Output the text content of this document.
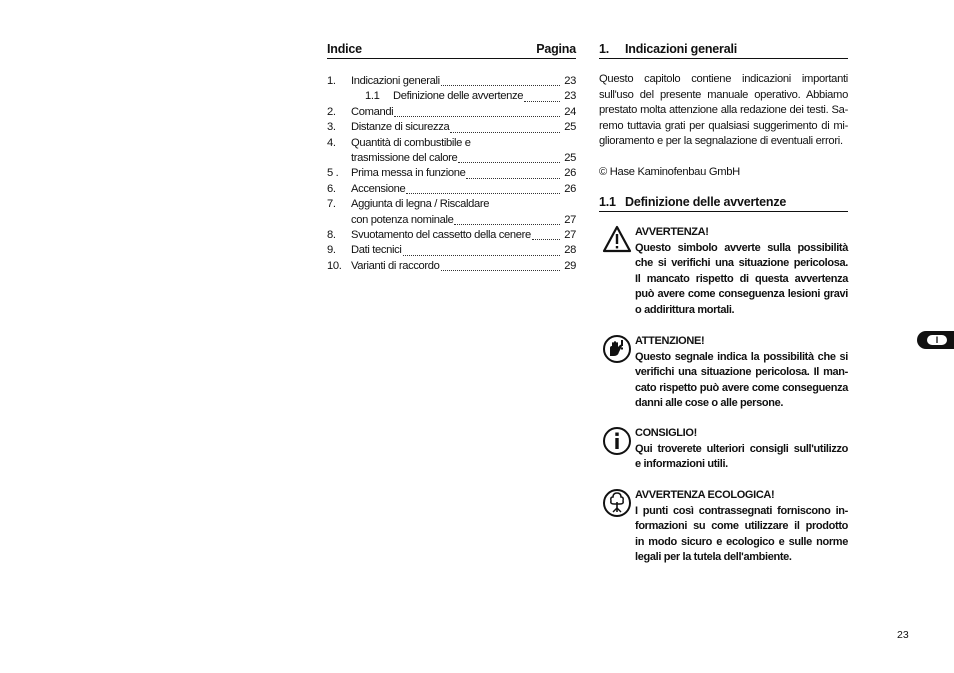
Indice	Pagina
1.	Indicazioni generali	23
1.1	Definizione delle avvertenze	23
2.	Comandi	24
3.	Distanze di sicurezza	25
4.	Quantità di combustibile e
trasmissione del calore	25
5 .	Prima messa in funzione	26
6.	Accensione	26
7.	Aggiunta di legna / Riscaldare
con potenza nominale	27
8.	Svuotamento del cassetto della cenere	27
9.	Dati tecnici	28
10. Varianti di raccordo	29
1.	Indicazioni generali

Questo capitolo contiene indicazioni importanti
sull'uso del presente manuale operativo. Abbiamo
prestato molta attenzione alla redazione dei testi. Sa-
remo tuttavia grati per qualsiasi suggerimento di mi-
glioramento e per la segnalazione di eventuali errori.

© Hase Kaminofenbau GmbH

1.1 Definizione delle avvertenze
AVVERTENZA!
Questo simbolo avverte sulla possibilità
che si verifichi una situazione pericolosa.
Il mancato rispetto di questa avvertenza
può avere come conseguenza lesioni gravi
o addirittura mortali.
ATTENZIONE!
Questo segnale indica la possibilità che si
verifichi una situazione pericolosa. Il man-
cato rispetto può avere come conseguenza
danni alle cose o alle persone.
CONSIGLIO!
Qui troverete ulteriori consigli sull'utilizzo
e informazioni utili.
AVVERTENZA ECOLOGICA!
I punti così contrassegnati forniscono in-
formazioni su come utilizzare il prodotto
in modo sicuro e ecologico e sulle norme
legali per la tutela dell'ambiente.
I
23
